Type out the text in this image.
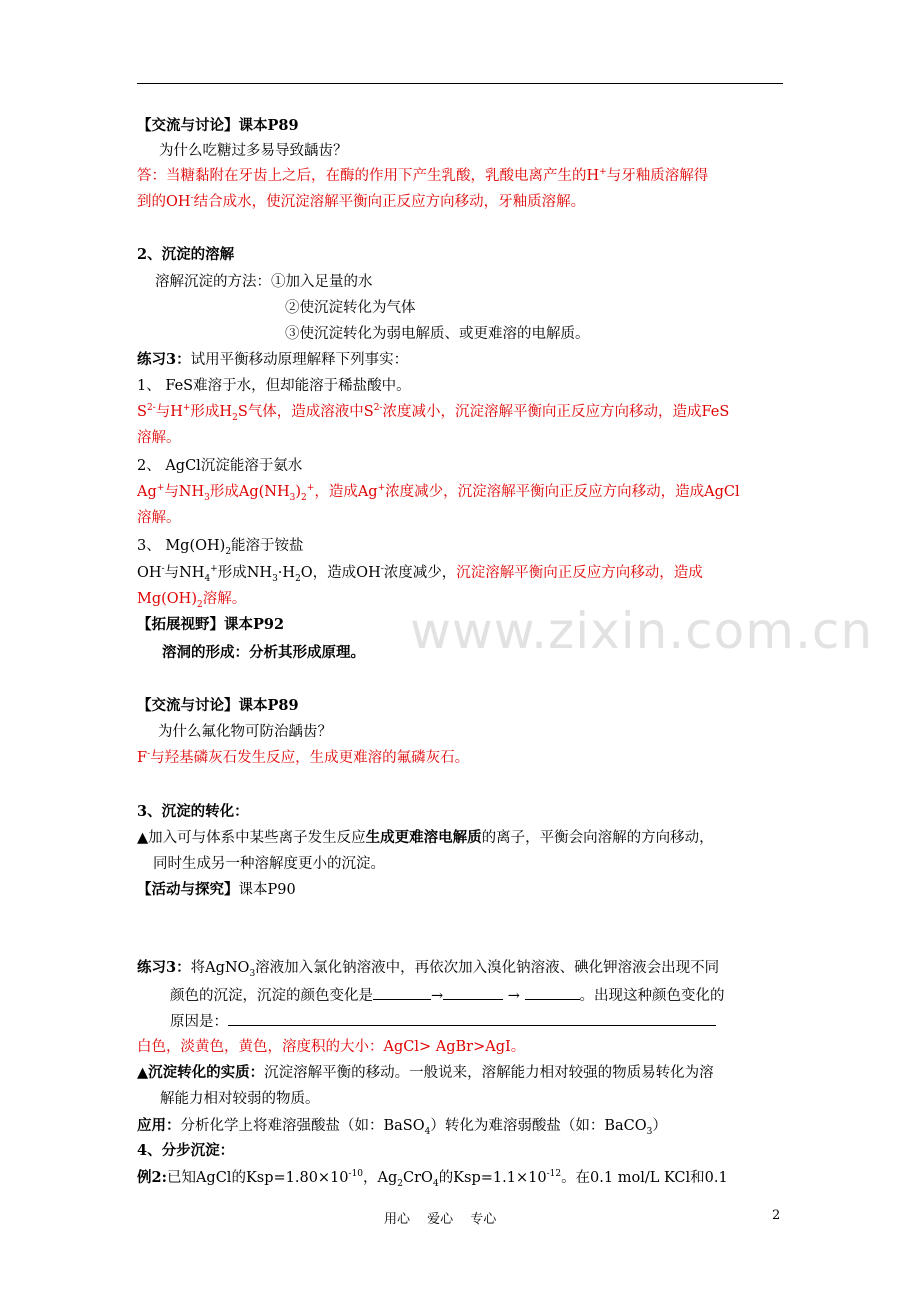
www.zixin.com.cn
【交流与讨论】课本P89
为什么吃糖过多易导致龋齿？
答：当糖黏附在牙齿上之后，在酶的作用下产生乳酸，乳酸电离产生的H+与牙釉质溶解得
到的OH-结合成水，使沉淀溶解平衡向正反应方向移动，牙釉质溶解。
2、沉淀的溶解
溶解沉淀的方法：①加入足量的水
②使沉淀转化为气体
③使沉淀转化为弱电解质、或更难溶的电解质。
练习3：试用平衡移动原理解释下列事实：
1、 FeS难溶于水，但却能溶于稀盐酸中。
$S^{2-}$与H+形成$H_2S$气体，造成溶液中$S^{2-}$浓度减小，沉淀溶解平衡向正反应方向移动，造成FeS
溶解。
2、 AgCl沉淀能溶于氨水
Ag+与$NH_3$形成$Ag(NH_3)_2^+$，造成Ag+浓度减少，沉淀溶解平衡向正反应方向移动，造成AgCl
溶解。
3、 $Mg(OH)_2$能溶于铵盐
OH-与$NH_4^+$形成$NH_3\cdot H_2O$，造成OH-浓度减少，沉淀溶解平衡向正反应方向移动，造成
$Mg(OH)_2$溶解。
【拓展视野】课本P92
溶洞的形成：分析其形成原理。
【交流与讨论】课本P89
为什么氟化物可防治龋齿？
F-与羟基磷灰石发生反应，生成更难溶的氟磷灰石。
3、沉淀的转化：
▲加入可与体系中某些离子发生反应生成更难溶电解质的离子，平衡会向溶解的方向移动，
同时生成另一种溶解度更小的沉淀。
【活动与探究】课本P90
练习3：将AgNO$_3$溶液加入氯化钠溶液中，再依次加入溴化钠溶液、碘化钾溶液会出现不同
颜色的沉淀，沉淀的颜色变化是	→	→	。出现这种颜色变化的
原因是：
白色，淡黄色，黄色，溶度积的大小：AgCl> AgBr>AgI。
▲沉淀转化的实质：沉淀溶解平衡的移动。一般说来，溶解能力相对较强的物质易转化为溶
解能力相对较弱的物质。
应用：分析化学上将难溶强酸盐（如：BaSO$_4$）转化为难溶弱酸盐（如：BaCO$_3$）
4、分步沉淀：
例2:已知AgCl的$Ksp=1.80\times 10^{-10}$，$Ag_2CrO_4$的$Ksp=1.1\times 10^{-12}$。在0.1 mol/L KCl和0.1
用心　 爱心　 专心	2
